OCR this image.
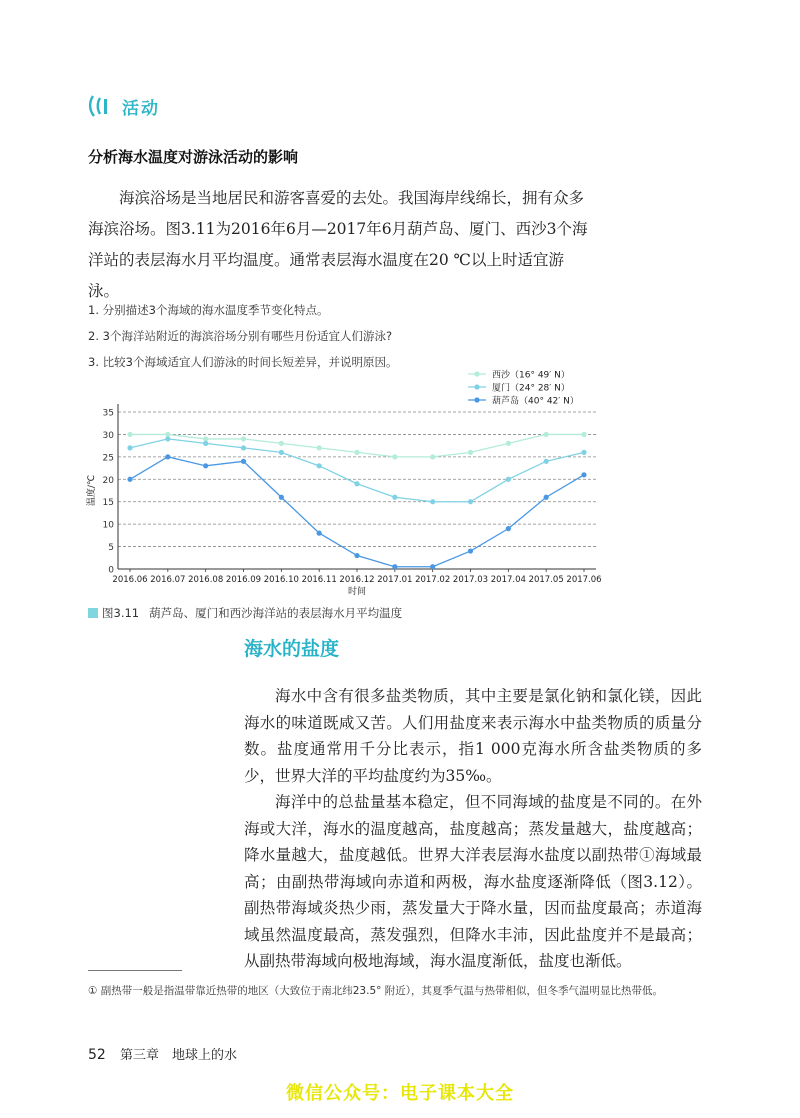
活动
分析海水温度对游泳活动的影响

海滨浴场是当地居民和游客喜爱的去处。我国海岸线绵长，拥有众多海滨浴场。图3.11为2016年6月—2017年6月葫芦岛、厦门、西沙3个海洋站的表层海水月平均温度。通常表层海水温度在20 ℃以上时适宜游泳。

1. 分别描述3个海域的海水温度季节变化特点。
2. 3个海洋站附近的海滨浴场分别有哪些月份适宜人们游泳?
3. 比较3个海域适宜人们游泳的时间长短差异，并说明原因。
0
5
10
15
20
25
30
35
2016.06 2016.07 2016.08 2016.09 2016.10 2016.11 2016.12 2017.01 2017.02 2017.03 2017.04 2017.05 2017.06
时间
温度/℃
西沙（16° 49′ N）
厦门（24° 28′ N）
葫芦岛（40° 42′ N）
图3.11 葫芦岛、厦门和西沙海洋站的表层海水月平均温度
海水的盐度

海水中含有很多盐类物质，其中主要是氯化钠和氯化镁，因此海水的味道既咸又苦。人们用盐度来表示海水中盐类物质的质量分数。盐度通常用千分比表示，指1 000克海水所含盐类物质的多少，世界大洋的平均盐度约为35‰。

海洋中的总盐量基本稳定，但不同海域的盐度是不同的。在外海或大洋，海水的温度越高，盐度越高；蒸发量越大，盐度越高；降水量越大，盐度越低。世界大洋表层海水盐度以副热带①海域最高；由副热带海域向赤道和两极，海水盐度逐渐降低（图3.12）。副热带海域炎热少雨，蒸发量大于降水量，因而盐度最高；赤道海域虽然温度最高，蒸发强烈，但降水丰沛，因此盐度并不是最高；从副热带海域向极地海域，海水温度渐低，盐度也渐低。

① 副热带一般是指温带靠近热带的地区（大致位于南北纬23.5° 附近），其夏季气温与热带相似，但冬季气温明显比热带低。
52 第三章　地球上的水
微信公众号：电子课本大全
